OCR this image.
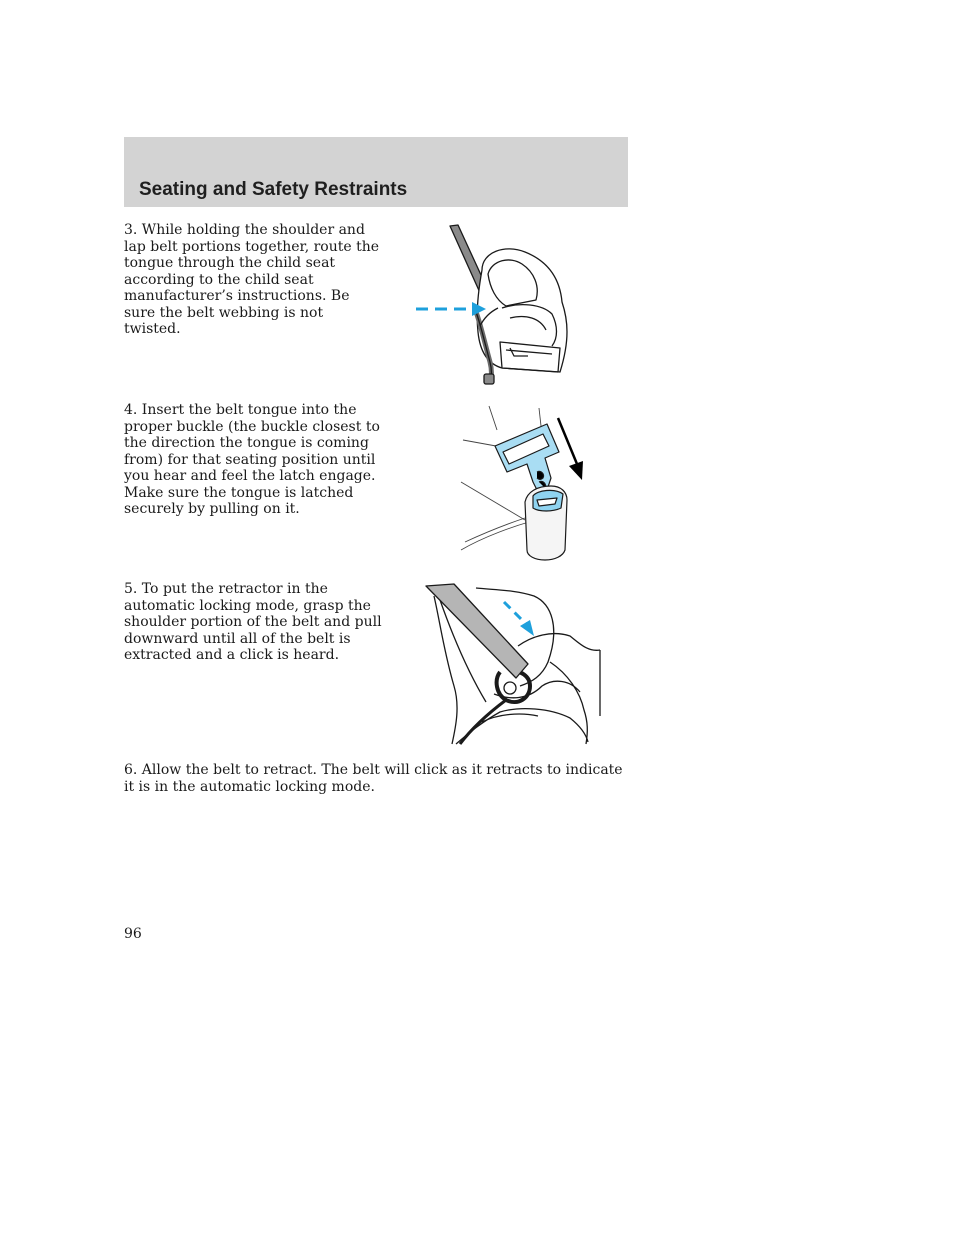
Seating and Safety Restraints

3. While holding the shoulder and lap belt portions together, route the tongue through the child seat according to the child seat manufacturer’s instructions. Be sure the belt webbing is not twisted.

4. Insert the belt tongue into the proper buckle (the buckle closest to the direction the tongue is coming from) for that seating position until you hear and feel the latch engage. Make sure the tongue is latched securely by pulling on it.

5. To put the retractor in the automatic locking mode, grasp the shoulder portion of the belt and pull downward until all of the belt is extracted and a click is heard.

6. Allow the belt to retract. The belt will click as it retracts to indicate it is in the automatic locking mode.

96
